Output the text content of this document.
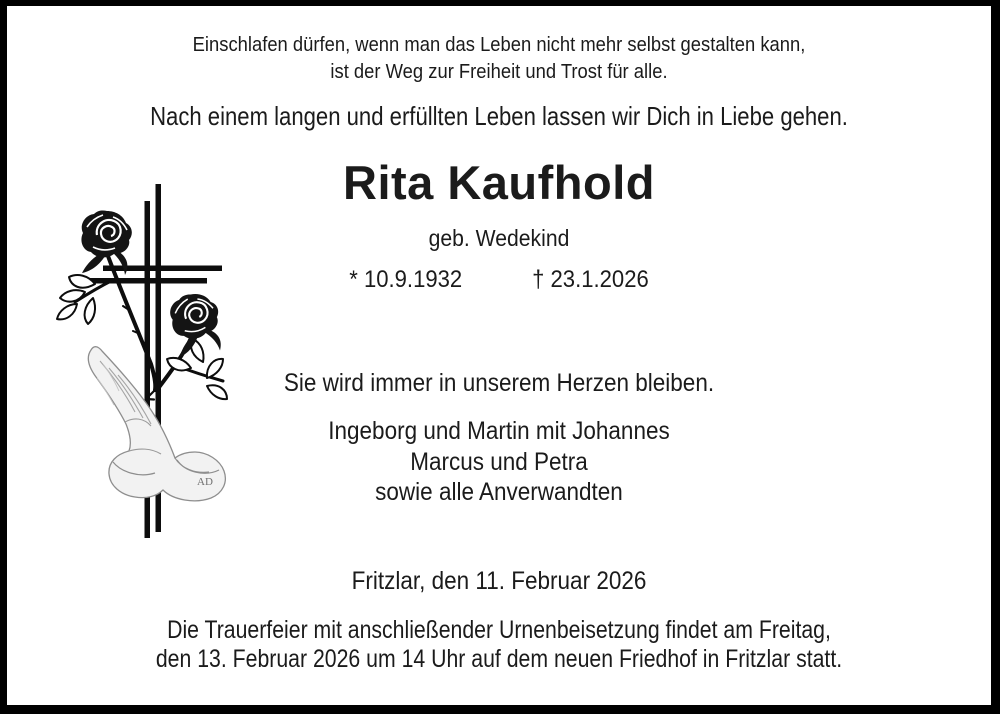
Einschlafen dürfen, wenn man das Leben nicht mehr selbst gestalten kann,
ist der Weg zur Freiheit und Trost für alle.
Nach einem langen und erfüllten Leben lassen wir Dich in Liebe gehen.
Rita Kaufhold
geb. Wedekind
* 10.9.1932	† 23.1.2026
AD
Sie wird immer in unserem Herzen bleiben.
Ingeborg und Martin mit Johannes
Marcus und Petra
sowie alle Anverwandten
Fritzlar, den 11. Februar 2026
Die Trauerfeier mit anschließender Urnenbeisetzung findet am Freitag,
den 13. Februar 2026 um 14 Uhr auf dem neuen Friedhof in Fritzlar statt.
